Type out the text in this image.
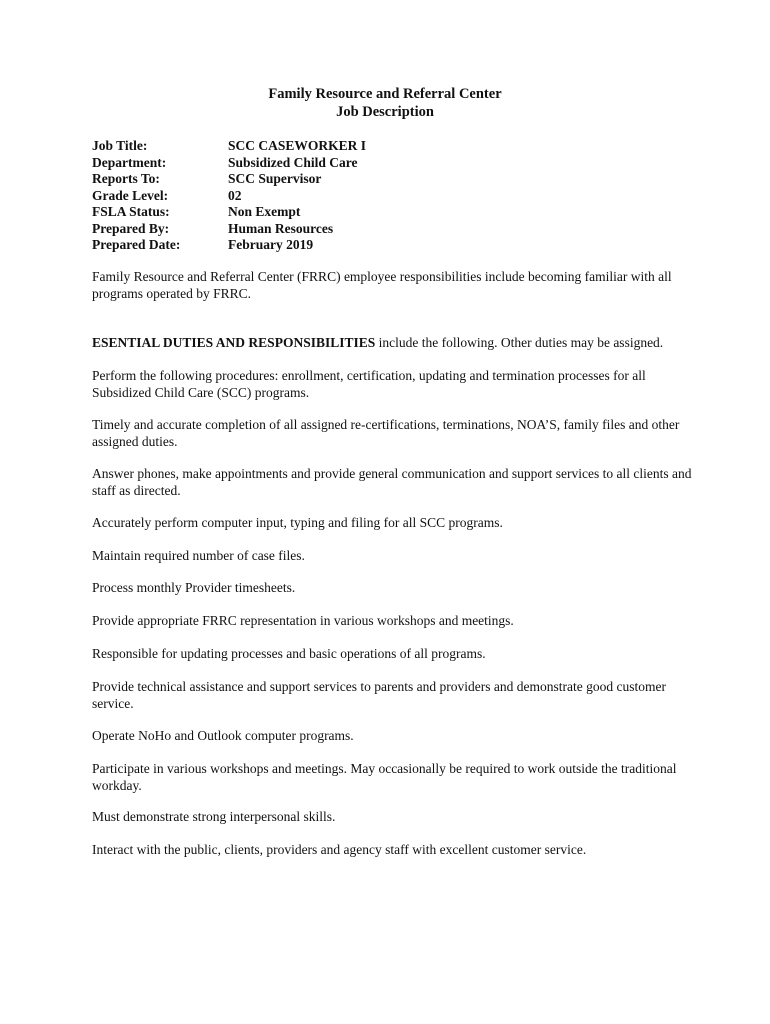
Family Resource and Referral Center
Job Description
Job Title:	SCC CASEWORKER I
Department:	Subsidized Child Care
Reports To:	SCC Supervisor
Grade Level:	02
FSLA Status:	Non Exempt
Prepared By:	Human Resources
Prepared Date:	February 2019
Family Resource and Referral Center (FRRC) employee responsibilities include becoming familiar with all programs operated by FRRC.
ESENTIAL DUTIES AND RESPONSIBILITIES include the following. Other duties may be assigned.
Perform the following procedures: enrollment, certification, updating and termination processes for all Subsidized Child Care (SCC) programs.
Timely and accurate completion of all assigned re-certifications, terminations, NOA’S, family files and other assigned duties.
Answer phones, make appointments and provide general communication and support services to all clients and staff as directed.
Accurately perform computer input, typing and filing for all SCC programs.
Maintain required number of case files.
Process monthly Provider timesheets.
Provide appropriate FRRC representation in various workshops and meetings.
Responsible for updating processes and basic operations of all programs.
Provide technical assistance and support services to parents and providers and demonstrate good customer service.
Operate NoHo and Outlook computer programs.
Participate in various workshops and meetings. May occasionally be required to work outside the traditional workday.
Must demonstrate strong interpersonal skills.
Interact with the public, clients, providers and agency staff with excellent customer service.
